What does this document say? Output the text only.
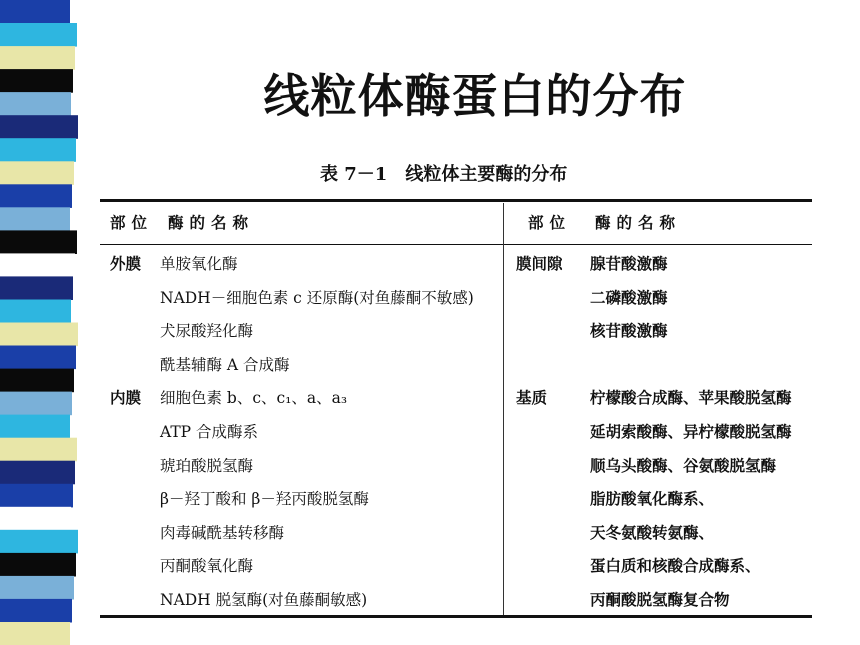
线粒体酶蛋白的分布
表 7－1 线粒体主要酶的分布
部位 酶的名称	部位 酶的名称
外膜 单胺氧化酶
NADH－细胞色素 c 还原酶(对鱼藤酮不敏感)
犬尿酸羟化酶
酰基辅酶 A 合成酶
内膜 细胞色素 b、c、c₁、a、a₃
ATP 合成酶系
琥珀酸脱氢酶
β－羟丁酸和 β－羟丙酸脱氢酶
肉毒碱酰基转移酶
丙酮酸氧化酶
NADH 脱氢酶(对鱼藤酮敏感)
膜间隙 腺苷酸激酶
二磷酸激酶
核苷酸激酶
基质	柠檬酸合成酶、苹果酸脱氢酶
延胡索酸酶、异柠檬酸脱氢酶
顺乌头酸酶、谷氨酸脱氢酶
脂肪酸氧化酶系、
天冬氨酸转氨酶、
蛋白质和核酸合成酶系、
丙酮酸脱氢酶复合物
